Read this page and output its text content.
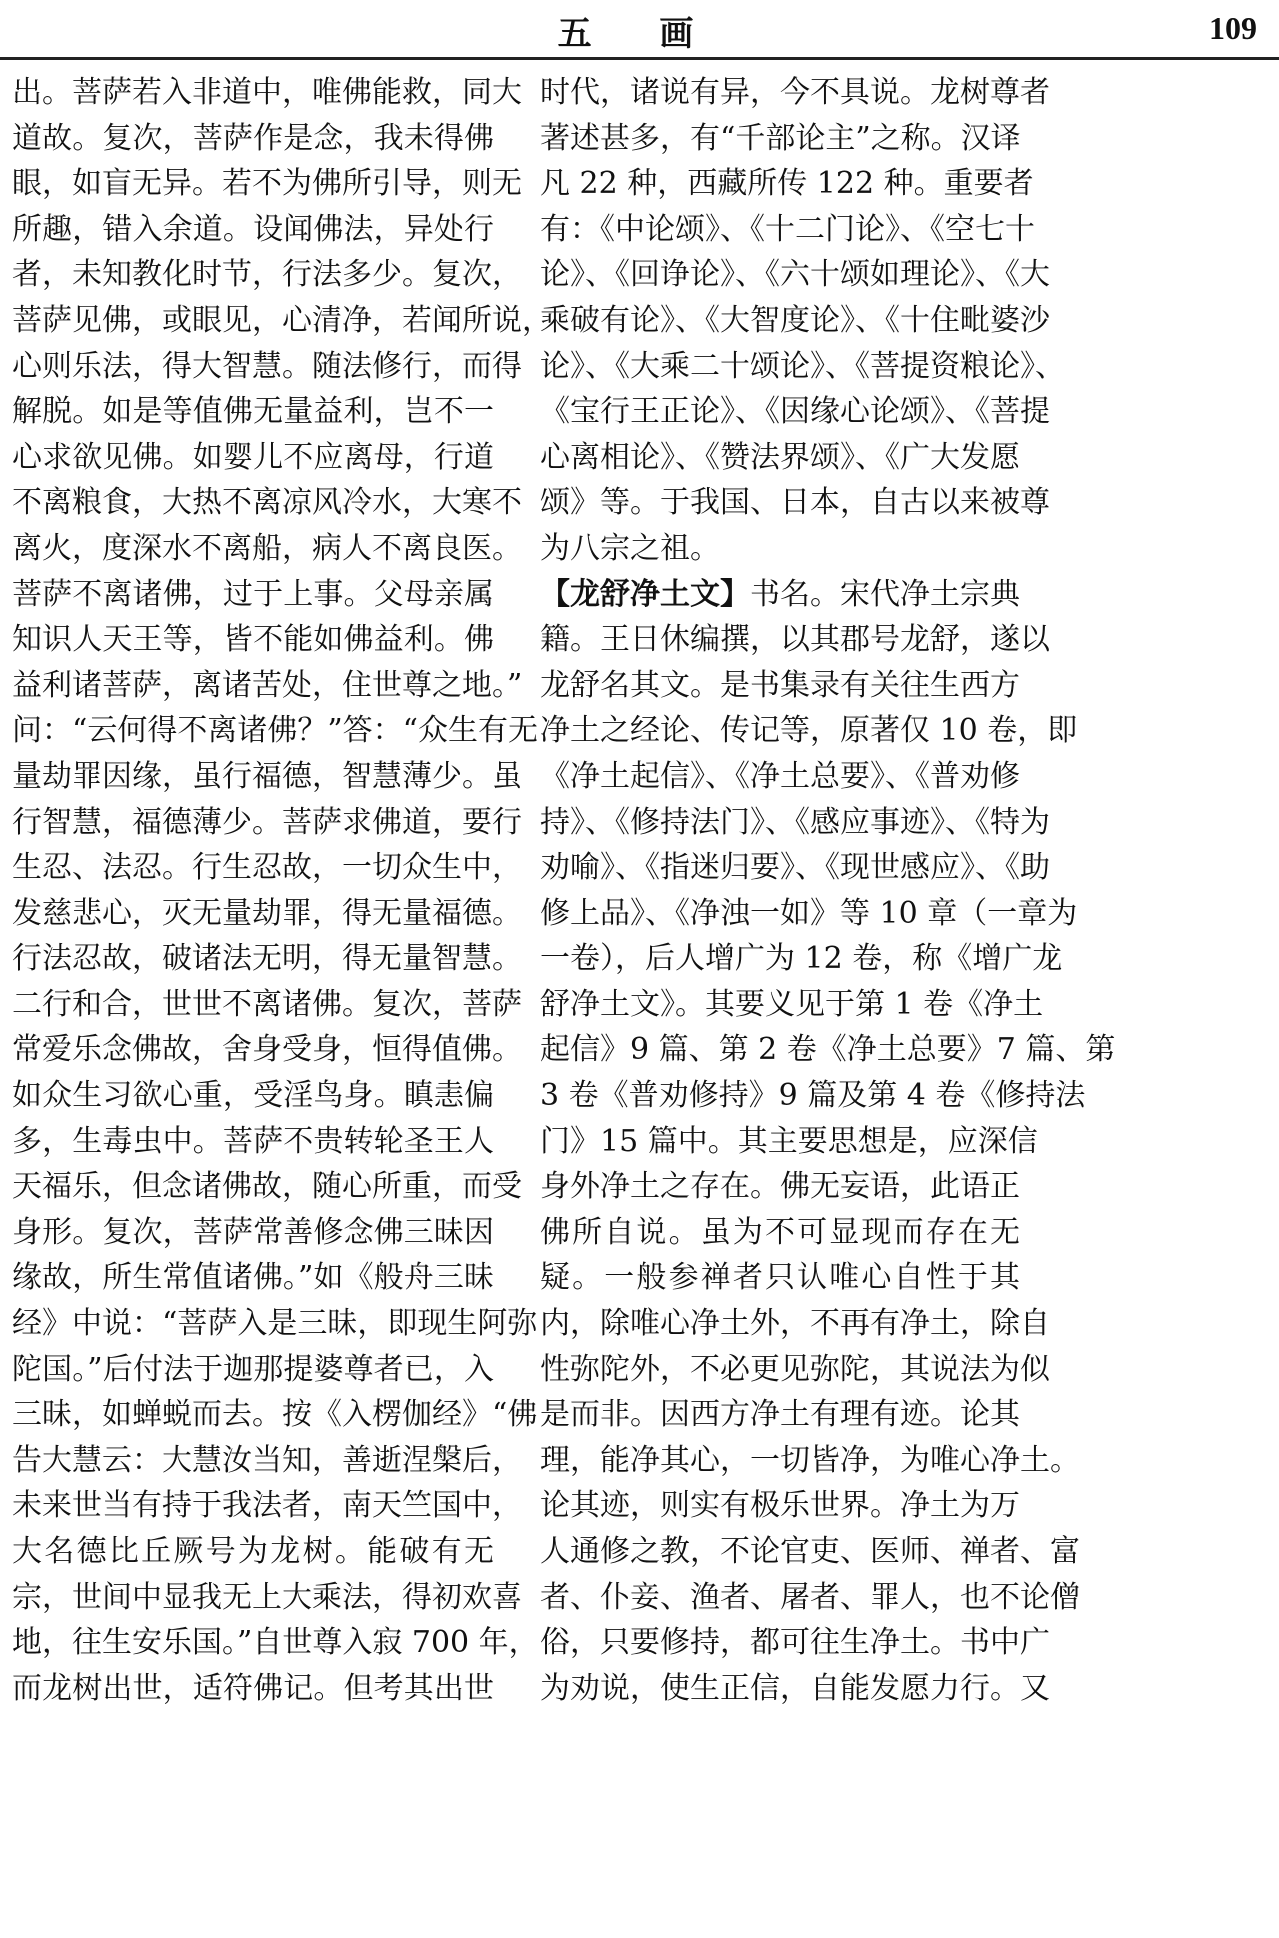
五 画	109
出。菩萨若入非道中，唯佛能救，同大
道故。复次，菩萨作是念，我未得佛
眼，如盲无异。若不为佛所引导，则无
所趣，错入余道。设闻佛法，异处行
者，未知教化时节，行法多少。复次，
菩萨见佛，或眼见，心清净，若闻所说，
心则乐法，得大智慧。随法修行，而得
解脱。如是等值佛无量益利，岂不一
心求欲见佛。如婴儿不应离母，行道
不离粮食，大热不离凉风冷水，大寒不
离火，度深水不离船，病人不离良医。
菩萨不离诸佛，过于上事。父母亲属
知识人天王等，皆不能如佛益利。佛
益利诸菩萨，离诸苦处，住世尊之地。”
问：“云何得不离诸佛？”答：“众生有无
量劫罪因缘，虽行福德，智慧薄少。虽
行智慧，福德薄少。菩萨求佛道，要行
生忍、法忍。行生忍故，一切众生中，
发慈悲心，灭无量劫罪，得无量福德。
行法忍故，破诸法无明，得无量智慧。
二行和合，世世不离诸佛。复次，菩萨
常爱乐念佛故，舍身受身，恒得值佛。
如众生习欲心重，受淫鸟身。瞋恚偏
多，生毒虫中。菩萨不贵转轮圣王人
天福乐，但念诸佛故，随心所重，而受
身形。复次，菩萨常善修念佛三昧因
缘故，所生常值诸佛。”如《般舟三昧
经》中说：“菩萨入是三昧，即现生阿弥
陀国。”后付法于迦那提婆尊者已，入
三昧，如蝉蜕而去。按《入楞伽经》“佛
告大慧云：大慧汝当知，善逝涅槃后，
未来世当有持于我法者，南天竺国中，
大名德比丘厥号为龙树。能破有无
宗，世间中显我无上大乘法，得初欢喜
地，往生安乐国。”自世尊入寂 700 年，
而龙树出世，适符佛记。但考其出世
时代，诸说有异，今不具说。龙树尊者
著述甚多，有“千部论主”之称。汉译
凡 22 种，西藏所传 122 种。重要者
有：《中论颂》、《十二门论》、《空七十
论》、《回诤论》、《六十颂如理论》、《大
乘破有论》、《大智度论》、《十住毗婆沙
论》、《大乘二十颂论》、《菩提资粮论》、
《宝行王正论》、《因缘心论颂》、《菩提
心离相论》、《赞法界颂》、《广大发愿
颂》等。于我国、日本，自古以来被尊
为八宗之祖。
【龙舒净土文】书名。宋代净土宗典
籍。王日休编撰，以其郡号龙舒，遂以
龙舒名其文。是书集录有关往生西方
净土之经论、传记等，原著仅 10 卷，即
《净土起信》、《净土总要》、《普劝修
持》、《修持法门》、《感应事迹》、《特为
劝喻》、《指迷归要》、《现世感应》、《助
修上品》、《净浊一如》等 10 章（一章为
一卷），后人增广为 12 卷，称《增广龙
舒净土文》。其要义见于第 1 卷《净土
起信》9 篇、第 2 卷《净土总要》7 篇、第
3 卷《普劝修持》9 篇及第 4 卷《修持法
门》15 篇中。其主要思想是，应深信
身外净土之存在。佛无妄语，此语正
佛所自说。虽为不可显现而存在无
疑。一般参禅者只认唯心自性于其
内，除唯心净土外，不再有净土，除自
性弥陀外，不必更见弥陀，其说法为似
是而非。因西方净土有理有迹。论其
理，能净其心，一切皆净，为唯心净土。
论其迹，则实有极乐世界。净土为万
人通修之教，不论官吏、医师、禅者、富
者、仆妾、渔者、屠者、罪人，也不论僧
俗，只要修持，都可往生净土。书中广
为劝说，使生正信，自能发愿力行。又
